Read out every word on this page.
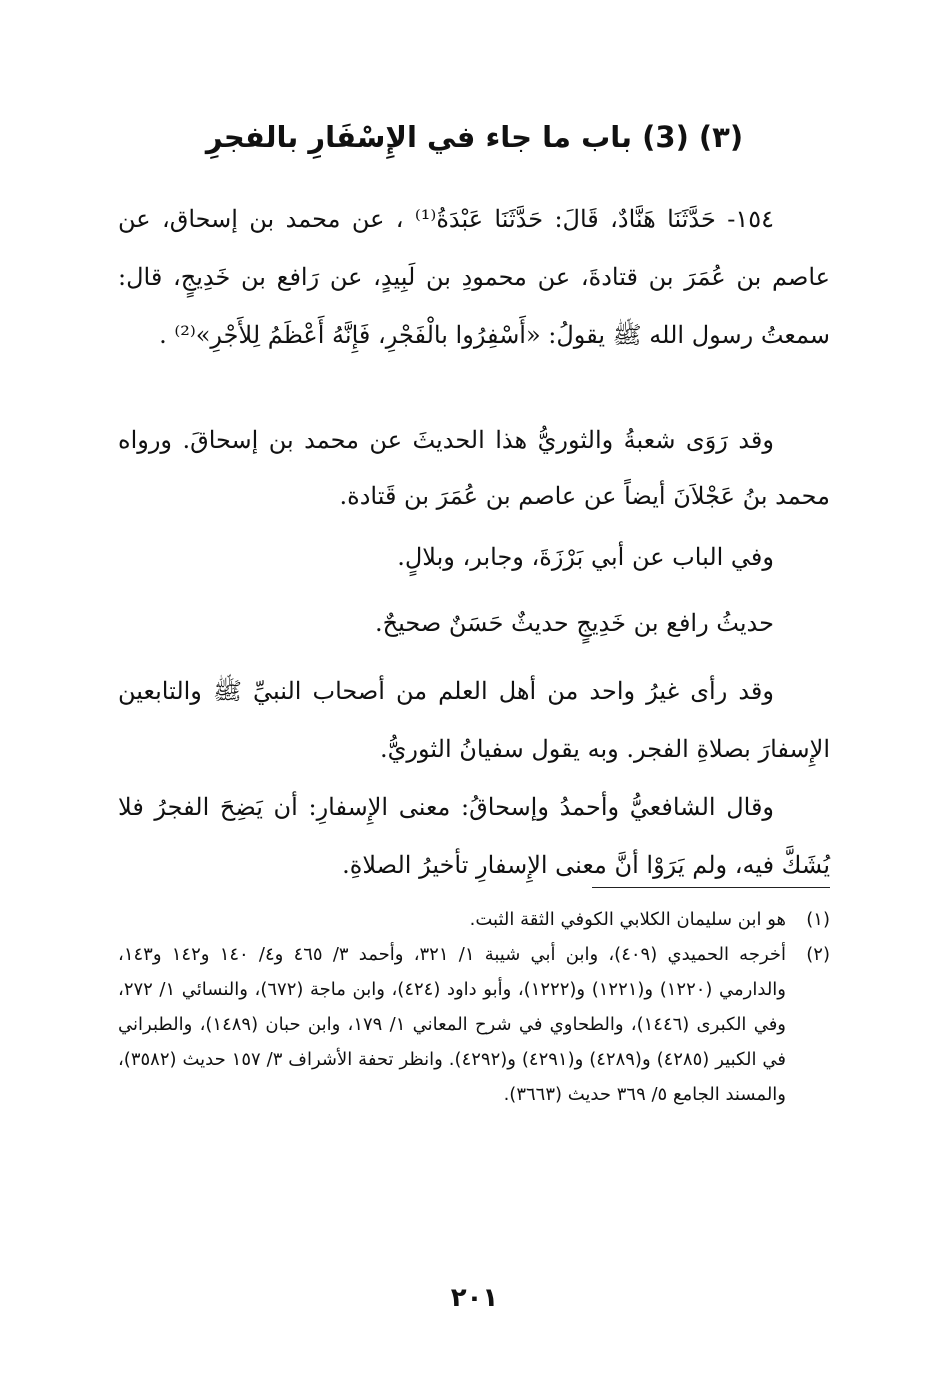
(٣) (3) باب ما جاء في الإِسْفَارِ بالفجرِ
١٥٤- حَدَّثَنَا هَنَّادٌ، قَالَ: حَدَّثَنَا عَبْدَةُ⁽¹⁾ ، عن محمد بن إسحاق، عن عاصم بن عُمَرَ بن قتادةَ، عن محمودِ بن لَبِيدٍ، عن رَافع بن خَدِيجٍ، قال: سمعتُ رسول الله ﷺ يقولُ: «أَسْفِرُوا بالْفَجْرِ، فَإِنَّهُ أَعْظَمُ لِلأَجْرِ»⁽²⁾ .
وقد رَوَى شعبةُ والثوريُّ هذا الحديثَ عن محمد بن إسحاقَ. ورواه محمد بنُ عَجْلاَنَ أيضاً عن عاصم بن عُمَرَ بن قَتادة.
وفي الباب عن أبي بَرْزَةَ، وجابر، وبلالٍ.
حديثُ رافع بن خَدِيجٍ حديثٌ حَسَنٌ صحيحٌ.
وقد رأى غيرُ واحد من أهل العلم من أصحاب النبيِّ ﷺ والتابعين الإِسفارَ بصلاةِ الفجر. وبه يقول سفيانُ الثوريُّ.
وقال الشافعيُّ وأحمدُ وإسحاقُ: معنى الإِسفارِ: أن يَضِحَ الفجرُ فلا يُشَكَّ فيه، ولم يَرَوْا أنَّ معنى الإِسفارِ تأخيرُ الصلاةِ.
(١)
هو ابن سليمان الكلابي الكوفي الثقة الثبت.
(٢)
أخرجه الحميدي (٤٠٩)، وابن أبي شيبة ١/ ٣٢١، وأحمد ٣/ ٤٦٥ و٤/ ١٤٠ و١٤٢ و١٤٣، والدارمي (١٢٢٠) و(١٢٢١) و(١٢٢٢)، وأبو داود (٤٢٤)، وابن ماجة (٦٧٢)، والنسائي ١/ ٢٧٢، وفي الكبرى (١٤٤٦)، والطحاوي في شرح المعاني ١/ ١٧٩، وابن حبان (١٤٨٩)، والطبراني في الكبير (٤٢٨٥) و(٤٢٨٩) و(٤٢٩١) و(٤٢٩٢). وانظر تحفة الأشراف ٣/ ١٥٧ حديث (٣٥٨٢)، والمسند الجامع ٥/ ٣٦٩ حديث (٣٦٦٣).
٢٠١
